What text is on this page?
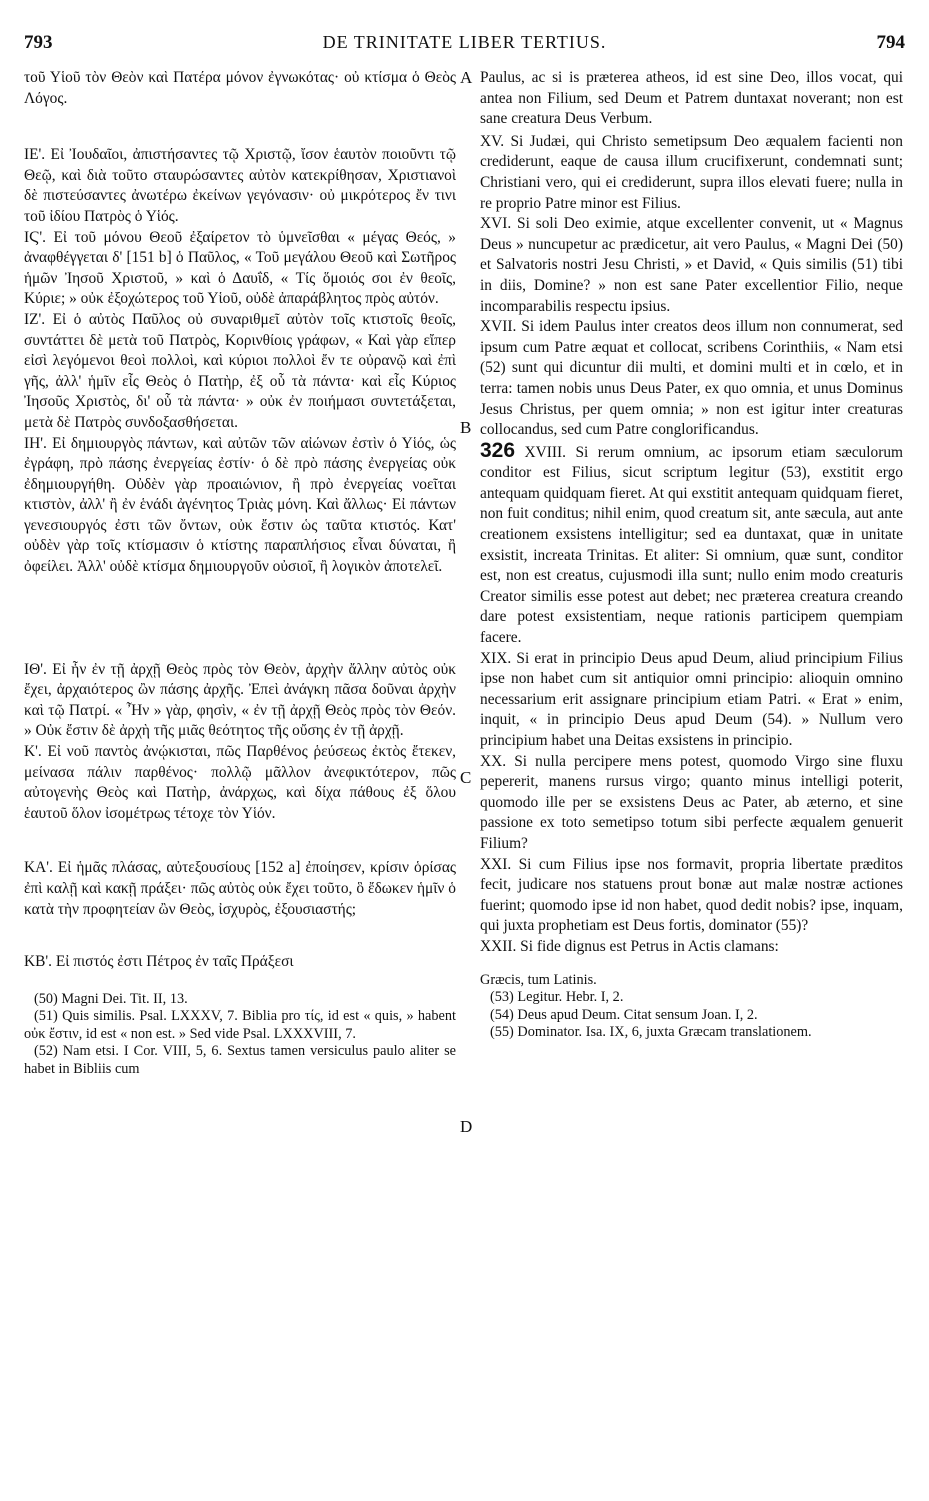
793	DE TRINITATE LIBER TERTIUS.	794
A
B
C
D

τοῦ Υἱοῦ τὸν Θεὸν καὶ Πατέρα μόνον ἐγνωκότας· οὐ κτίσμα ὁ Θεὸς Λόγος.

ΙΕ'. Εἰ Ἰουδαῖοι, ἀπιστήσαντες τῷ Χριστῷ, ἴσον ἑαυτὸν ποιοῦντι τῷ Θεῷ, καὶ διὰ τοῦτο σταυρώσαντες αὐτὸν κατεκρίθησαν, Χριστιανοὶ δὲ πιστεύσαντες ἀνωτέρω ἐκείνων γεγόνασιν· οὐ μικρότερος ἔν τινι τοῦ ἰδίου Πατρὸς ὁ Υἱός.

ΙϚ'. Εἰ τοῦ μόνου Θεοῦ ἐξαίρετον τὸ ὑμνεῖσθαι « μέγας Θεός, » ἀναφθέγγεται δ' [151 b] ὁ Παῦλος, « Τοῦ μεγάλου Θεοῦ καὶ Σωτῆρος ἡμῶν Ἰησοῦ Χριστοῦ, » καὶ ὁ Δαυΐδ, « Τίς ὅμοιός σοι ἐν θεοῖς, Κύριε; » οὐκ ἐξοχώτερος τοῦ Υἱοῦ, οὐδὲ ἀπαράβλητος πρὸς αὐτόν.

ΙΖ'. Εἰ ὁ αὐτὸς Παῦλος οὐ συναριθμεῖ αὐτὸν τοῖς κτιστοῖς θεοῖς, συντάττει δὲ μετὰ τοῦ Πατρὸς, Κορινθίοις γράφων, « Καὶ γὰρ εἴπερ εἰσὶ λεγόμενοι θεοὶ πολλοὶ, καὶ κύριοι πολλοὶ ἔν τε οὐρανῷ καὶ ἐπὶ γῆς, ἀλλ' ἡμῖν εἷς Θεὸς ὁ Πατὴρ, ἐξ οὗ τὰ πάντα· καὶ εἷς Κύριος Ἰησοῦς Χριστὸς, δι' οὗ τὰ πάντα· » οὐκ ἐν ποιήμασι συντετάξεται, μετὰ δὲ Πατρὸς συνδοξασθήσεται.

ΙΗ'. Εἰ δημιουργὸς πάντων, καὶ αὐτῶν τῶν αἰώνων ἐστὶν ὁ Υἱός, ὡς ἐγράφη, πρὸ πάσης ἐνεργείας ἐστίν· ὁ δὲ πρὸ πάσης ἐνεργείας οὐκ ἐδημιουργήθη. Οὐδὲν γὰρ προαιώνιον, ἢ πρὸ ἐνεργείας νοεῖται κτιστὸν, ἀλλ' ἢ ἐν ἑνάδι ἀγένητος Τριὰς μόνη. Καὶ ἄλλως· Εἰ πάντων γενεσιουργός ἐστι τῶν ὄντων, οὐκ ἔστιν ὡς ταῦτα κτιστός. Κατ' οὐδὲν γὰρ τοῖς κτίσμασιν ὁ κτίστης παραπλήσιος εἶναι δύναται, ἢ ὀφείλει. Ἀλλ' οὐδὲ κτίσμα δημιουργοῦν οὐσιοῖ, ἢ λογικὸν ἀποτελεῖ.

ΙΘ'. Εἰ ἦν ἐν τῇ ἀρχῇ Θεὸς πρὸς τὸν Θεὸν, ἀρχὴν ἄλλην αὐτὸς οὐκ ἔχει, ἀρχαιότερος ὢν πάσης ἀρχῆς. Ἐπεὶ ἀνάγκη πᾶσα δοῦναι ἀρχὴν καὶ τῷ Πατρί. « Ἦν » γὰρ, φησὶν, « ἐν τῇ ἀρχῇ Θεὸς πρὸς τὸν Θεόν. » Οὐκ ἔστιν δὲ ἀρχὴ τῆς μιᾶς θεότητος τῆς οὔσης ἐν τῇ ἀρχῇ.

Κ'. Εἰ νοῦ παντὸς ἀνῴκισται, πῶς Παρθένος ῥεύσεως ἐκτὸς ἔτεκεν, μείνασα πάλιν παρθένος· πολλῷ μᾶλλον ἀνεφικτότερον, πῶς αὐτογενὴς Θεὸς καὶ Πατὴρ, ἀνάρχως, καὶ δίχα πάθους ἐξ ὅλου ἑαυτοῦ ὅλον ἰσομέτρως τέτοχε τὸν Υἱόν.

ΚΑ'. Εἰ ἡμᾶς πλάσας, αὐτεξουσίους [152 a] ἐποίησεν, κρίσιν ὁρίσας ἐπὶ καλῇ καὶ κακῇ πράξει· πῶς αὐτὸς οὐκ ἔχει τοῦτο, ὃ ἔδωκεν ἡμῖν ὁ κατὰ τὴν προφητείαν ὢν Θεὸς, ἰσχυρὸς, ἐξουσιαστής;

ΚΒ'. Εἰ πιστός ἐστι Πέτρος ἐν ταῖς Πράξεσι

(50) Magni Dei. Tit. II, 13.

(51) Quis similis. Psal. LXXXV, 7. Biblia pro τίς, id est « quis, » habent οὐκ ἔστιν, id est « non est. » Sed vide Psal. LXXXVIII, 7.

(52) Nam etsi. I Cor. VIII, 5, 6. Sextus tamen versiculus paulo aliter se habet in Bibliis cum

Paulus, ac si is præterea atheos, id est sine Deo, illos vocat, qui antea non Filium, sed Deum et Patrem duntaxat noverant; non est sane creatura Deus Verbum.

XV. Si Judæi, qui Christo semetipsum Deo æqualem facienti non crediderunt, eaque de causa illum crucifixerunt, condemnati sunt; Christiani vero, qui ei crediderunt, supra illos elevati fuere; nulla in re proprio Patre minor est Filius.

XVI. Si soli Deo eximie, atque excellenter convenit, ut « Magnus Deus » nuncupetur ac prædicetur, ait vero Paulus, « Magni Dei (50) et Salvatoris nostri Jesu Christi, » et David, « Quis similis (51) tibi in diis, Domine? » non est sane Pater excellentior Filio, neque incomparabilis respectu ipsius.

XVII. Si idem Paulus inter creatos deos illum non connumerat, sed ipsum cum Patre æquat et collocat, scribens Corinthiis, « Nam etsi (52) sunt qui dicuntur dii multi, et domini multi et in cœlo, et in terra: tamen nobis unus Deus Pater, ex quo omnia, et unus Dominus Jesus Christus, per quem omnia; » non est igitur inter creaturas collocandus, sed cum Patre conglorificandus.

326 XVIII. Si rerum omnium, ac ipsorum etiam sæculorum conditor est Filius, sicut scriptum legitur (53), exstitit ergo antequam quidquam fieret. At qui exstitit antequam quidquam fieret, non fuit conditus; nihil enim, quod creatum sit, ante sæcula, aut ante creationem exsistens intelligitur; sed ea duntaxat, quæ in unitate exsistit, increata Trinitas. Et aliter: Si omnium, quæ sunt, conditor est, non est creatus, cujusmodi illa sunt; nullo enim modo creaturis Creator similis esse potest aut debet; nec præterea creatura creando dare potest exsistentiam, neque rationis participem quempiam facere.

XIX. Si erat in principio Deus apud Deum, aliud principium Filius ipse non habet cum sit antiquior omni principio: alioquin omnino necessarium erit assignare principium etiam Patri. « Erat » enim, inquit, « in principio Deus apud Deum (54). » Nullum vero principium habet una Deitas exsistens in principio.

XX. Si nulla percipere mens potest, quomodo Virgo sine fluxu pepererit, manens rursus virgo; quanto minus intelligi poterit, quomodo ille per se exsistens Deus ac Pater, ab æterno, et sine passione ex toto semetipso totum sibi perfecte æqualem genuerit Filium?

XXI. Si cum Filius ipse nos formavit, propria libertate præditos fecit, judicare nos statuens prout bonæ aut malæ nostræ actiones fuerint; quomodo ipse id non habet, quod dedit nobis? ipse, inquam, qui juxta prophetiam est Deus fortis, dominator (55)?

XXII. Si fide dignus est Petrus in Actis clamans:

Græcis, tum Latinis.

(53) Legitur. Hebr. I, 2.

(54) Deus apud Deum. Citat sensum Joan. I, 2.

(55) Dominator. Isa. IX, 6, juxta Græcam translationem.
